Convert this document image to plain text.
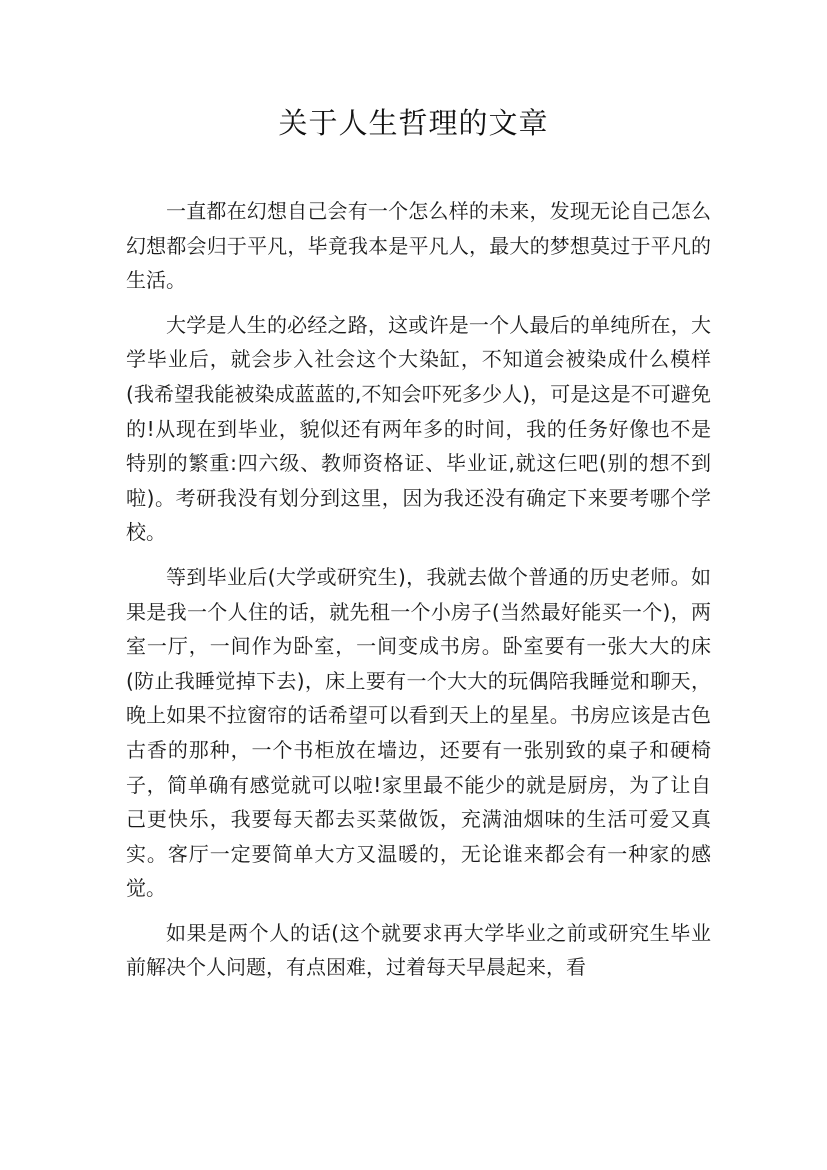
关于人生哲理的文章

一直都在幻想自己会有一个怎么样的未来，发现无论自己怎么幻想都会归于平凡，毕竟我本是平凡人，最大的梦想莫过于平凡的生活。

大学是人生的必经之路，这或许是一个人最后的单纯所在，大学毕业后，就会步入社会这个大染缸，不知道会被染成什么模样(我希望我能被染成蓝蓝的,不知会吓死多少人)，可是这是不可避免的!从现在到毕业，貌似还有两年多的时间，我的任务好像也不是特别的繁重:四六级、教师资格证、毕业证,就这仨吧(别的想不到啦)。考研我没有划分到这里，因为我还没有确定下来要考哪个学校。

等到毕业后(大学或研究生)，我就去做个普通的历史老师。如果是我一个人住的话，就先租一个小房子(当然最好能买一个)，两室一厅，一间作为卧室，一间变成书房。卧室要有一张大大的床(防止我睡觉掉下去)，床上要有一个大大的玩偶陪我睡觉和聊天，晚上如果不拉窗帘的话希望可以看到天上的星星。书房应该是古色古香的那种，一个书柜放在墙边，还要有一张别致的桌子和硬椅子，简单确有感觉就可以啦!家里最不能少的就是厨房，为了让自己更快乐，我要每天都去买菜做饭，充满油烟味的生活可爱又真实。客厅一定要简单大方又温暖的，无论谁来都会有一种家的感觉。

如果是两个人的话(这个就要求再大学毕业之前或研究生毕业前解决个人问题，有点困难，过着每天早晨起来，看
